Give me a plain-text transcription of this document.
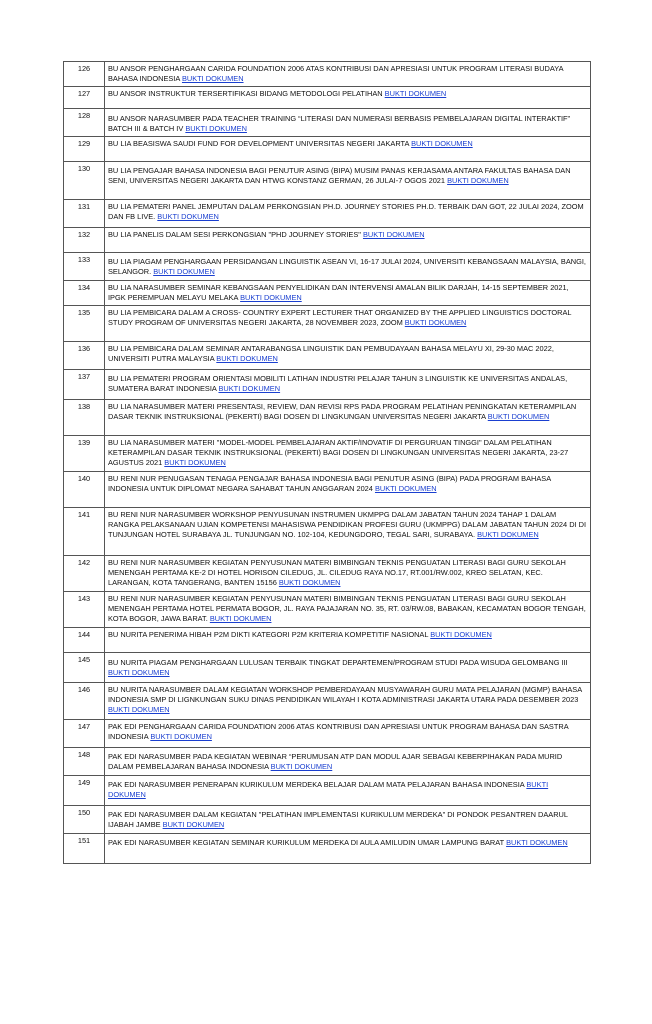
126	BU ANSOR PENGHARGAAN CARIDA FOUNDATION 2006 ATAS KONTRIBUSI DAN APRESIASI UNTUK PROGRAM LITERASI BUDAYA BAHASA INDONESIA BUKTI DOKUMEN
127	BU ANSOR INSTRUKTUR TERSERTIFIKASI BIDANG METODOLOGI PELATIHAN BUKTI DOKUMEN
128	BU ANSOR NARASUMBER PADA TEACHER TRAINING “LITERASI DAN NUMERASI BERBASIS PEMBELAJARAN DIGITAL INTERAKTIF” BATCH III & BATCH IV BUKTI DOKUMEN
129	BU LIA BEASISWA SAUDI FUND FOR DEVELOPMENT UNIVERSITAS NEGERI JAKARTA BUKTI DOKUMEN
130	BU LIA PENGAJAR BAHASA INDONESIA BAGI PENUTUR ASING (BIPA) MUSIM PANAS KERJASAMA ANTARA FAKULTAS BAHASA DAN SENI, UNIVERSITAS NEGERI JAKARTA DAN HTWG KONSTANZ GERMAN, 26 JULAI-7 OGOS 2021 BUKTI DOKUMEN
131	BU LIA PEMATERI PANEL JEMPUTAN DALAM PERKONGSIAN PH.D. JOURNEY STORIES PH.D. TERBAIK DAN GOT, 22 JULAI 2024, ZOOM DAN FB LIVE. BUKTI DOKUMEN
132	BU LIA PANELIS DALAM SESI PERKONGSIAN "PHD JOURNEY STORIES" BUKTI DOKUMEN
133	BU LIA PIAGAM PENGHARGAAN PERSIDANGAN LINGUISTIK ASEAN VI, 16-17 JULAI 2024, UNIVERSITI KEBANGSAAN MALAYSIA, BANGI, SELANGOR. BUKTI DOKUMEN
134	BU LIA NARASUMBER SEMINAR KEBANGSAAN PENYELIDIKAN DAN INTERVENSI AMALAN BILIK DARJAH, 14-15 SEPTEMBER 2021, IPGK PEREMPUAN MELAYU MELAKA BUKTI DOKUMEN
135	BU LIA PEMBICARA DALAM A CROSS- COUNTRY EXPERT LECTURER THAT ORGANIZED BY THE APPLIED LINGUISTICS DOCTORAL STUDY PROGRAM OF UNIVERSITAS NEGERI JAKARTA, 28 NOVEMBER 2023, ZOOM BUKTI DOKUMEN
136	BU LIA PEMBICARA DALAM SEMINAR ANTARABANGSA LINGUISTIK DAN PEMBUDAYAAN BAHASA MELAYU XI, 29-30 MAC 2022, UNIVERSITI PUTRA MALAYSIA BUKTI DOKUMEN
137	BU LIA PEMATERI PROGRAM ORIENTASI MOBILITI LATIHAN INDUSTRI PELAJAR TAHUN 3 LINGUISTIK KE UNIVERSITAS ANDALAS, SUMATERA BARAT INDONESIA BUKTI DOKUMEN
138	BU LIA NARASUMBER MATERI PRESENTASI, REVIEW, DAN REVISI RPS PADA PROGRAM PELATIHAN PENINGKATAN KETERAMPILAN DASAR TEKNIK INSTRUKSIONAL (PEKERTI) BAGI DOSEN DI LINGKUNGAN UNIVERSITAS NEGERI JAKARTA BUKTI DOKUMEN
139	BU LIA NARASUMBER MATERI "MODEL-MODEL PEMBELAJARAN AKTIF/INOVATIF DI PERGURUAN TINGGI" DALAM PELATIHAN KETERAMPILAN DASAR TEKNIK INSTRUKSIONAL (PEKERTI) BAGI DOSEN DI LINGKUNGAN UNIVERSITAS NEGERI JAKARTA, 23-27 AGUSTUS 2021 BUKTI DOKUMEN
140	BU RENI NUR PENUGASAN TENAGA PENGAJAR BAHASA INDONESIA BAGI PENUTUR ASING (BIPA) PADA PROGRAM BAHASA INDONESIA UNTUK DIPLOMAT NEGARA SAHABAT TAHUN ANGGARAN 2024 BUKTI DOKUMEN
141	BU RENI NUR NARASUMBER WORKSHOP PENYUSUNAN INSTRUMEN UKMPPG DALAM JABATAN TAHUN 2024 TAHAP 1 DALAM RANGKA PELAKSANAAN UJIAN KOMPETENSI MAHASISWA PENDIDIKAN PROFESI GURU (UKMPPG) DALAM JABATAN TAHUN 2024 DI DI TUNJUNGAN HOTEL SURABAYA JL. TUNJUNGAN NO. 102-104, KEDUNGDORO, TEGAL SARI, SURABAYA. BUKTI DOKUMEN
142	BU RENI NUR NARASUMBER KEGIATAN PENYUSUNAN MATERI BIMBINGAN TEKNIS PENGUATAN LITERASI BAGI GURU SEKOLAH MENENGAH PERTAMA KE-2 DI HOTEL HORISON CILEDUG, JL. CILEDUG RAYA NO.17, RT.001/RW.002, KREO SELATAN, KEC. LARANGAN, KOTA TANGERANG, BANTEN 15156 BUKTI DOKUMEN
143	BU RENI NUR NARASUMBER KEGIATAN PENYUSUNAN MATERI BIMBINGAN TEKNIS PENGUATAN LITERASI BAGI GURU SEKOLAH MENENGAH PERTAMA HOTEL PERMATA BOGOR, JL. RAYA PAJAJARAN NO. 35, RT. 03/RW.08, BABAKAN, KECAMATAN BOGOR TENGAH, KOTA BOGOR, JAWA BARAT. BUKTI DOKUMEN
144	BU NURITA PENERIMA HIBAH P2M DIKTI KATEGORI P2M KRITERIA KOMPETITIF NASIONAL BUKTI DOKUMEN
145	BU NURITA PIAGAM PENGHARGAAN LULUSAN TERBAIK TINGKAT DEPARTEMEN/PROGRAM STUDI PADA WISUDA GELOMBANG III BUKTI DOKUMEN
146	BU NURITA NARASUMBER DALAM KEGIATAN WORKSHOP PEMBERDAYAAN MUSYAWARAH GURU MATA PELAJARAN (MGMP) BAHASA INDONESIA SMP DI LIGNKUNGAN SUKU DINAS PENDIDIKAN WILAYAH I KOTA ADMINISTRASI JAKARTA UTARA PADA DESEMBER 2023 BUKTI DOKUMEN
147	PAK EDI PENGHARGAAN CARIDA FOUNDATION 2006 ATAS KONTRIBUSI DAN APRESIASI UNTUK PROGRAM BAHASA DAN SASTRA INDONESIA BUKTI DOKUMEN
148	PAK EDI NARASUMBER PADA KEGIATAN WEBINAR “PERUMUSAN ATP DAN MODUL AJAR SEBAGAI KEBERPIHAKAN PADA MURID DALAM PEMBELAJARAN BAHASA INDONESIA BUKTI DOKUMEN
149	PAK EDI NARASUMBER PENERAPAN KURIKULUM MERDEKA BELAJAR DALAM MATA PELAJARAN BAHASA INDONESIA BUKTI DOKUMEN
150	PAK EDI NARASUMBER DALAM KEGIATAN "PELATIHAN IMPLEMENTASI KURIKULUM MERDEKA" DI PONDOK PESANTREN DAARUL IJABAH JAMBE BUKTI DOKUMEN
151	PAK EDI NARASUMBER KEGIATAN SEMINAR KURIKULUM MERDEKA DI AULA AMILUDIN UMAR LAMPUNG BARAT BUKTI DOKUMEN
